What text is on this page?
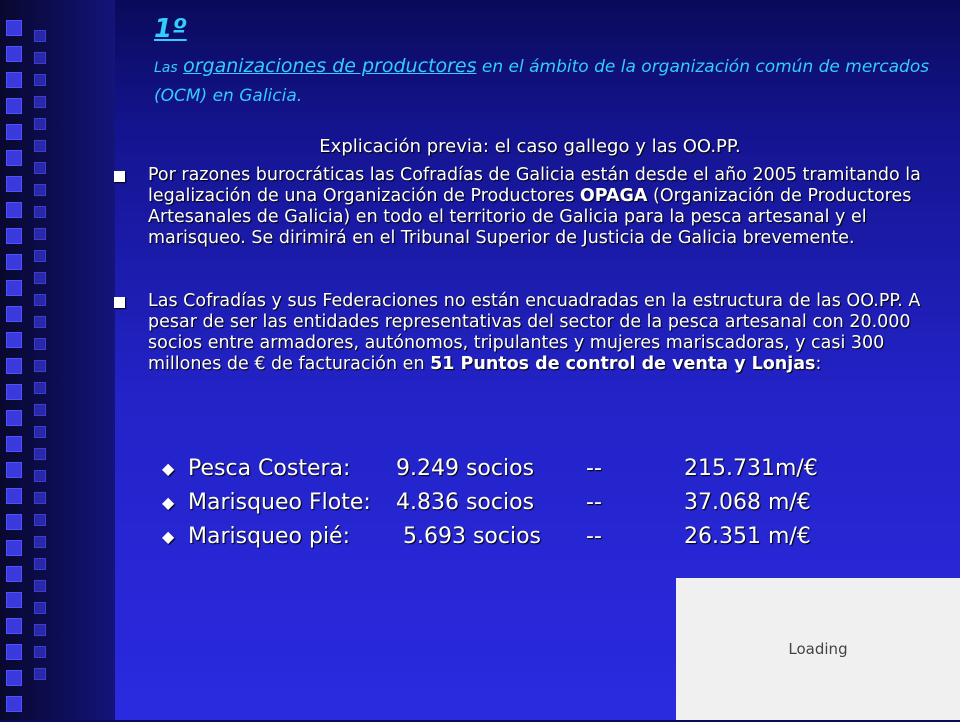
1º
Las organizaciones de productores en el ámbito de la organización común de mercados (OCM) en Galicia.
Explicación previa: el caso gallego y las OO.PP.
Por razones burocráticas las Cofradías de Galicia están desde el año 2005 tramitando la legalización de una Organización de Productores OPAGA (Organización de Productores Artesanales de Galicia) en todo el territorio de Galicia para la pesca artesanal y el marisqueo. Se dirimirá en el Tribunal Superior de Justicia de Galicia brevemente.
Las Cofradías y sus Federaciones no están encuadradas en la estructura de las OO.PP. A pesar de ser las entidades representativas del sector de la pesca artesanal con 20.000 socios entre armadores, autónomos, tripulantes y mujeres mariscadoras, y casi 300 millones de € de facturación en 51 Puntos de control de venta y Lonjas:
◆ Pesca Costera:	9.249 socios	--	215.731m/€
◆ Marisqueo Flote:	4.836 socios	--	37.068 m/€
◆ Marisqueo pié:	5.693 socios	--	26.351 m/€
Loading
